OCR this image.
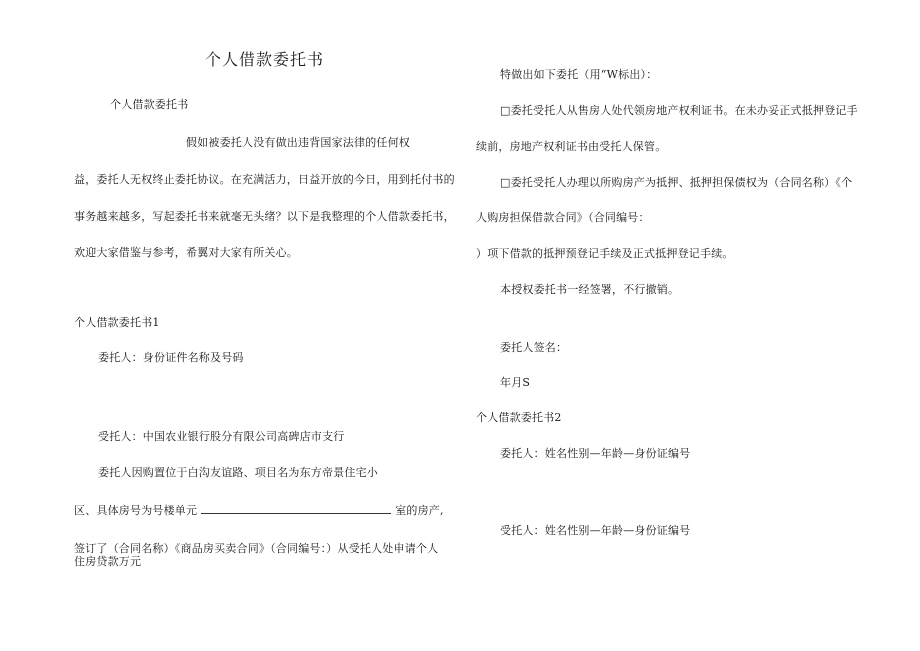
个人借款委托书
个人借款委托书
假如被委托人没有做出违背国家法律的任何权
益，委托人无权终止委托协议。在充满活力，日益开放的今日，用到托付书的
事务越来越多，写起委托书来就毫无头绪？以下是我整理的个人借款委托书，
欢迎大家借鉴与参考，希翼对大家有所关心。
个人借款委托书1
委托人：身份证件名称及号码
受托人：中国农业银行股分有限公司高碑店市支行
委托人因购置位于白沟友谊路、项目名为东方帝景住宅小
区、具体房号为号楼单元	室的房产,
签订了（合同名称）《商品房买卖合同》（合同编号：）从受托人处申请个人
住房贷款万元
特做出如下委托（用“W标出）：
□委托受托人从售房人处代领房地产权利证书。在未办妥正式抵押登记手
续前，房地产权利证书由受托人保管。
□委托受托人办理以所购房产为抵押、抵押担保债权为（合同名称）《个
人购房担保借款合同》（合同编号：
）项下借款的抵押预登记手续及正式抵押登记手续。
本授权委托书一经签署，不行撤销。
委托人签名：
年月S
个人借款委托书2
委托人：姓名性别—年龄—身份证编号
受托人：姓名性别—年龄—身份证编号
